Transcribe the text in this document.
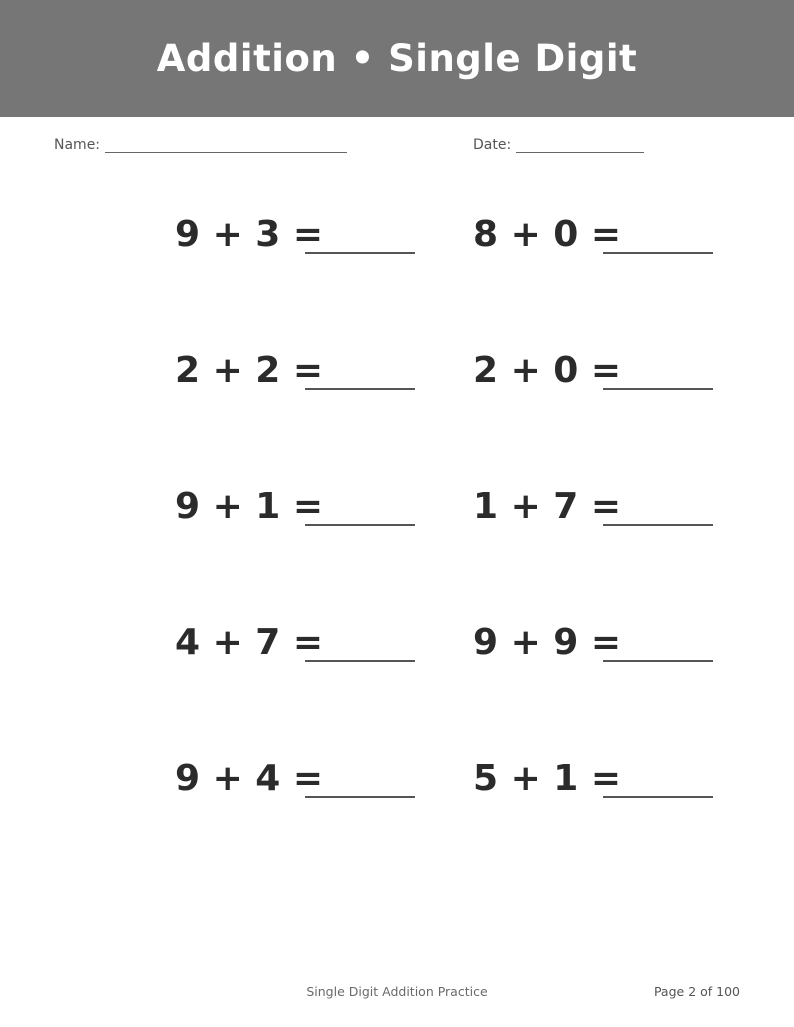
Addition • Single Digit
Name:	Date:
9 + 3 =	8 + 0 =
2 + 2 =	2 + 0 =
9 + 1 =	1 + 7 =
4 + 7 =	9 + 9 =
9 + 4 =	5 + 1 =
Single Digit Addition Practice	Page 2 of 100
